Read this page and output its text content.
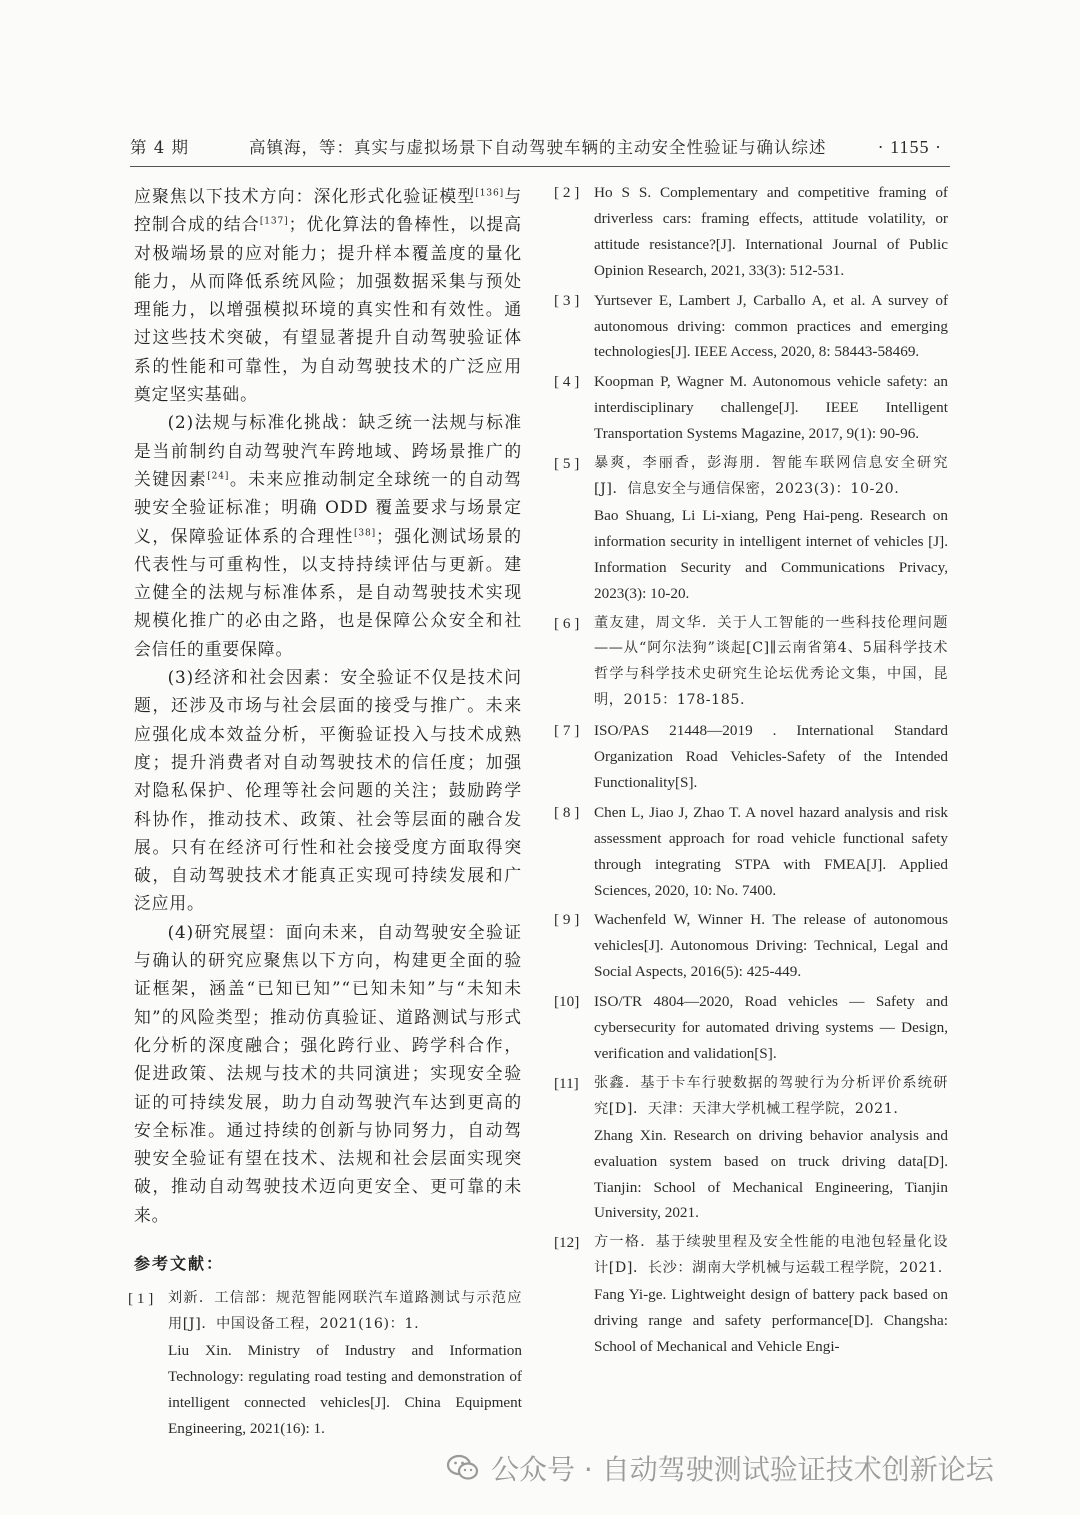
第 4 期	高镇海，等：真实与虚拟场景下自动驾驶车辆的主动安全性验证与确认综述	· 1155 ·

应聚焦以下技术方向：深化形式化验证模型[136]与控制合成的结合[137]；优化算法的鲁棒性，以提高对极端场景的应对能力；提升样本覆盖度的量化能力，从而降低系统风险；加强数据采集与预处理能力，以增强模拟环境的真实性和有效性。通过这些技术突破，有望显著提升自动驾驶验证体系的性能和可靠性，为自动驾驶技术的广泛应用奠定坚实基础。

(2)法规与标准化挑战：缺乏统一法规与标准是当前制约自动驾驶汽车跨地域、跨场景推广的关键因素[24]。未来应推动制定全球统一的自动驾驶安全验证标准；明确 ODD 覆盖要求与场景定义，保障验证体系的合理性[38]；强化测试场景的代表性与可重构性，以支持持续评估与更新。建立健全的法规与标准体系，是自动驾驶技术实现规模化推广的必由之路，也是保障公众安全和社会信任的重要保障。

(3)经济和社会因素：安全验证不仅是技术问题，还涉及市场与社会层面的接受与推广。未来应强化成本效益分析，平衡验证投入与技术成熟度；提升消费者对自动驾驶技术的信任度；加强对隐私保护、伦理等社会问题的关注；鼓励跨学科协作，推动技术、政策、社会等层面的融合发展。只有在经济可行性和社会接受度方面取得突破，自动驾驶技术才能真正实现可持续发展和广泛应用。

(4)研究展望：面向未来，自动驾驶安全验证与确认的研究应聚焦以下方向，构建更全面的验证框架，涵盖“已知已知”“已知未知”与“未知未知”的风险类型；推动仿真验证、道路测试与形式化分析的深度融合；强化跨行业、跨学科合作，促进政策、法规与技术的共同演进；实现安全验证的可持续发展，助力自动驾驶汽车达到更高的安全标准。通过持续的创新与协同努力，自动驾驶安全验证有望在技术、法规和社会层面实现突破，推动自动驾驶技术迈向更安全、更可靠的未来。

参考文献：
[ 1 ] 刘新．工信部：规范智能网联汽车道路测试与示范应用[J]．中国设备工程，2021(16)：1.
Liu Xin. Ministry of Industry and Information Technology: regulating road testing and demonstration of intelligent connected vehicles[J]. China Equipment Engineering, 2021(16): 1.
[ 2 ] Ho S S. Complementary and competitive framing of driverless cars: framing effects, attitude volatility, or attitude resistance?[J]. International Journal of Public Opinion Research, 2021, 33(3): 512-531.
[ 3 ] Yurtsever E, Lambert J, Carballo A, et al. A survey of autonomous driving: common practices and emerging technologies[J]. IEEE Access, 2020, 8: 58443-58469.
[ 4 ] Koopman P, Wagner M. Autonomous vehicle safety: an interdisciplinary challenge[J]. IEEE Intelligent Transportation Systems Magazine, 2017, 9(1): 90-96.
[ 5 ] 暴爽，李丽香，彭海朋．智能车联网信息安全研究[J]．信息安全与通信保密，2023(3)：10-20.
Bao Shuang, Li Li-xiang, Peng Hai-peng. Research on information security in intelligent internet of vehicles [J]. Information Security and Communications Privacy, 2023(3): 10-20.
[ 6 ] 董友建，周文华．关于人工智能的一些科技伦理问题——从“阿尔法狗”谈起[C]∥云南省第4、5届科学技术哲学与科学技术史研究生论坛优秀论文集，中国，昆明，2015：178-185.
[ 7 ] ISO/PAS 21448—2019 . International Standard Organization Road Vehicles-Safety of the Intended Functionality[S].
[ 8 ] Chen L, Jiao J, Zhao T. A novel hazard analysis and risk assessment approach for road vehicle functional safety through integrating STPA with FMEA[J]. Applied Sciences, 2020, 10: No. 7400.
[ 9 ] Wachenfeld W, Winner H. The release of autonomous vehicles[J]. Autonomous Driving: Technical, Legal and Social Aspects, 2016(5): 425-449.
[10] ISO/TR 4804—2020, Road vehicles — Safety and cybersecurity for automated driving systems — Design, verification and validation[S].
[11] 张鑫．基于卡车行驶数据的驾驶行为分析评价系统研究[D]．天津：天津大学机械工程学院，2021.
Zhang Xin. Research on driving behavior analysis and evaluation system based on truck driving data[D]. Tianjin: School of Mechanical Engineering, Tianjin University, 2021.
[12] 方一格．基于续驶里程及安全性能的电池包轻量化设计[D]．长沙：湖南大学机械与运载工程学院，2021.
Fang Yi-ge. Lightweight design of battery pack based on driving range and safety performance[D]. Changsha: School of Mechanical and Vehicle Engi-
公众号 · 自动驾驶测试验证技术创新论坛
